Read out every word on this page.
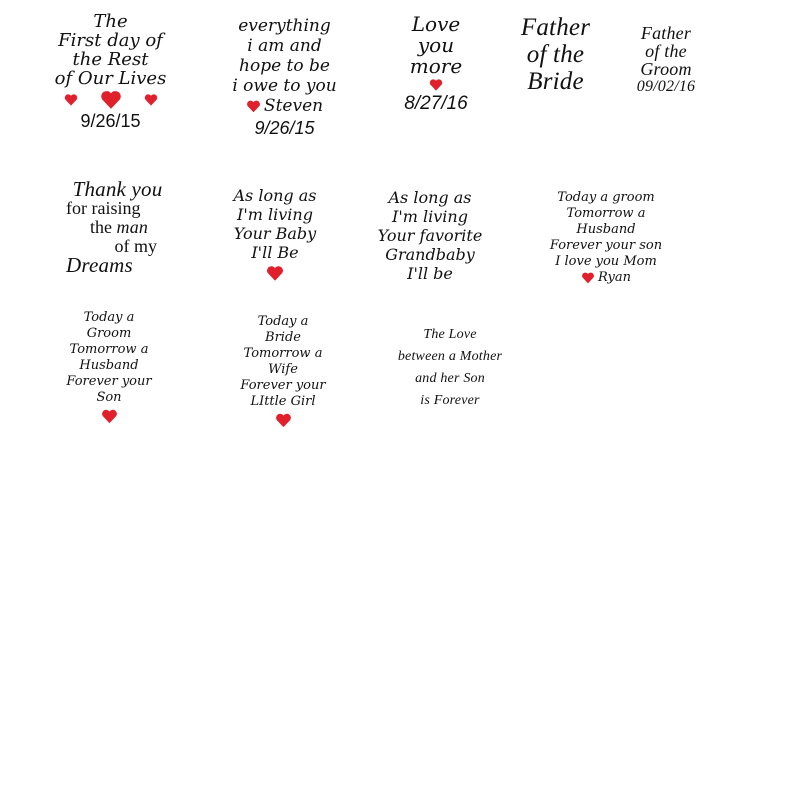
The
First day of
the Rest
of Our Lives
9/26/15
everything
i am and
hope to be
i owe to you
Steven
9/26/15
Love
you
more
8/27/16
Father
of the
Bride
Father
of the
Groom
09/02/16
Thank you
for raising
the man
of my
Dreams
As long as
I'm living
Your Baby
I'll Be
As long as
I'm living
Your favorite
Grandbaby
I'll be
Today a groom
Tomorrow a
Husband
Forever your son
I love you Mom
Ryan
Today a
Groom
Tomorrow a
Husband
Forever your
Son
Today a
Bride
Tomorrow a
Wife
Forever your
LIttle Girl
The Love
between a Mother
and her Son
is Forever
